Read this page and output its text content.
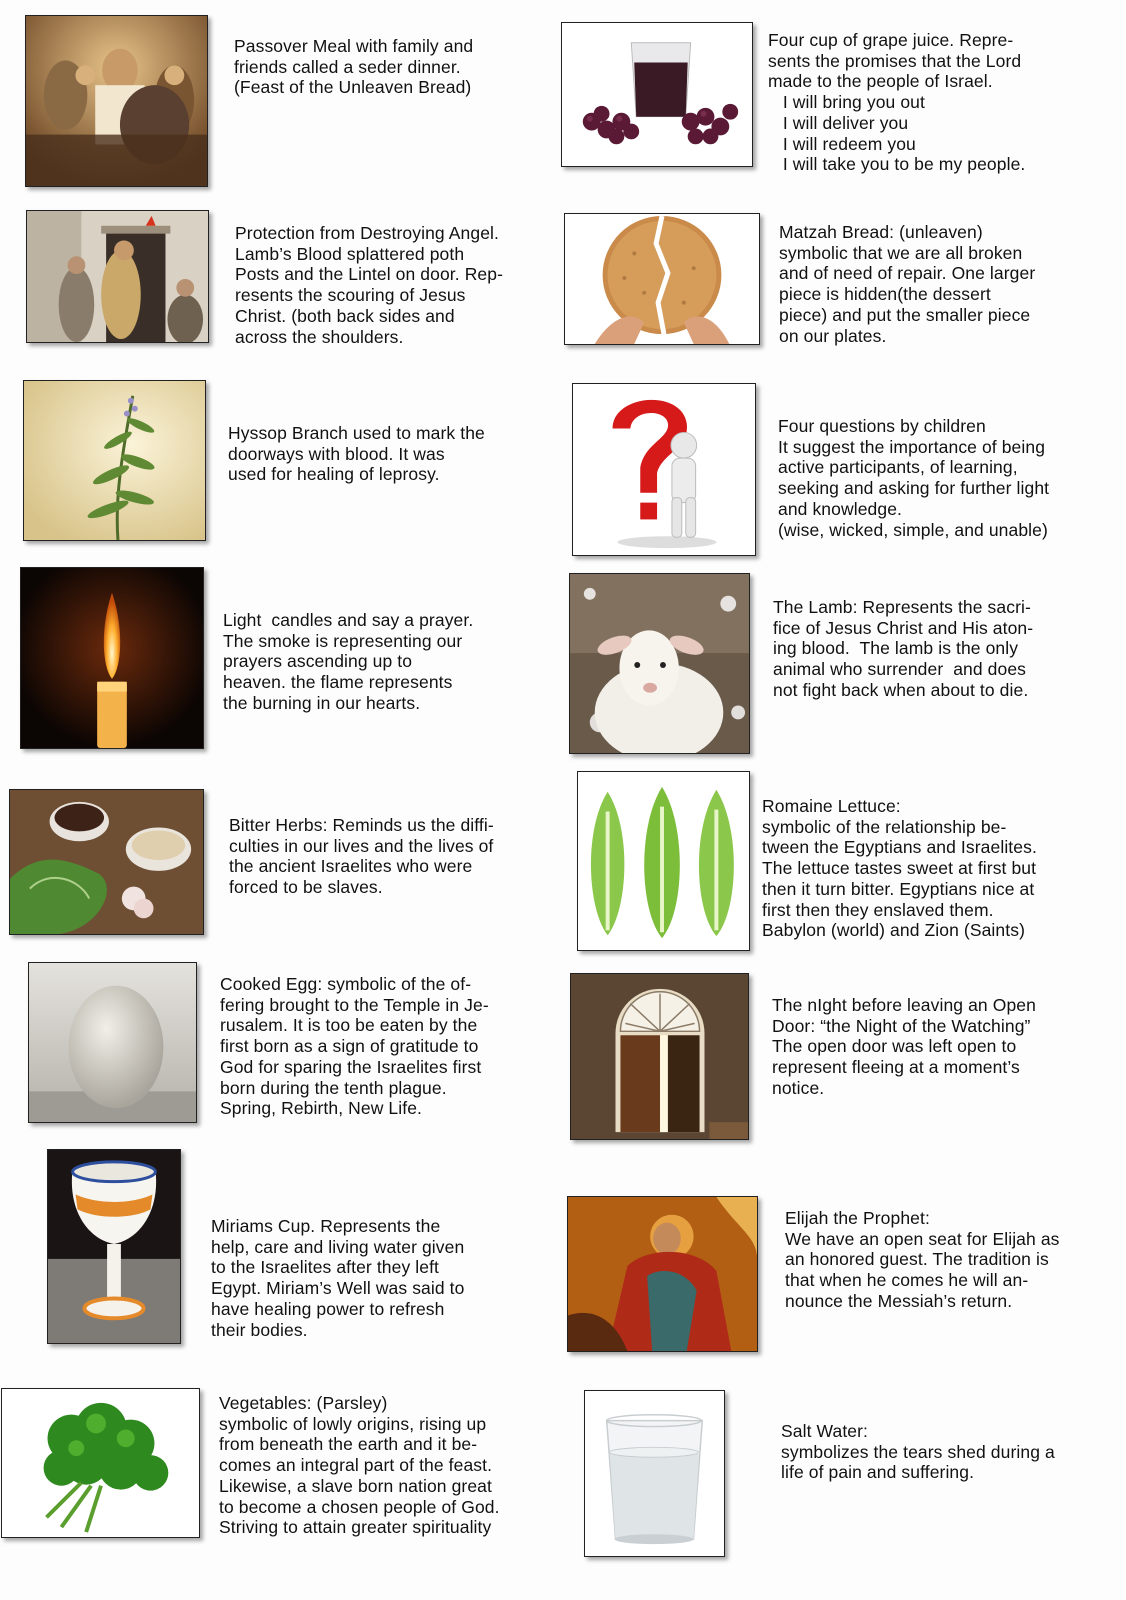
Passover Meal with family and

friends called a seder dinner.

(Feast of the Unleaven Bread)

Protection from Destroying Angel.

Lamb’s Blood splattered poth

Posts and the Lintel on door. Rep-

resents the scouring of Jesus

Christ. (both back sides and

across the shoulders.

Hyssop Branch used to mark the

doorways with blood. It was

used for healing of leprosy.

Light  candles and say a prayer.

The smoke is representing our

prayers ascending up to

heaven. the flame represents

the burning in our hearts.

Bitter Herbs: Reminds us the diffi-

culties in our lives and the lives of

the ancient Israelites who were

forced to be slaves.

Cooked Egg: symbolic of the of-

fering brought to the Temple in Je-

rusalem. It is too be eaten by the

first born as a sign of gratitude to

God for sparing the Israelites first

born during the tenth plague.

Spring, Rebirth, New Life.

Miriams Cup. Represents the

help, care and living water given

to the Israelites after they left

Egypt. Miriam’s Well was said to

have healing power to refresh

their bodies.

Vegetables: (Parsley)

symbolic of lowly origins, rising up

from beneath the earth and it be-

comes an integral part of the feast.

Likewise, a slave born nation great

to become a chosen people of God.

Striving to attain greater spirituality

Four cup of grape juice. Repre-

sents the promises that the Lord

made to the people of Israel.

I will bring you out

I will deliver you

I will redeem you

I will take you to be my people.

Matzah Bread: (unleaven)

symbolic that we are all broken

and of need of repair. One larger

piece is hidden(the dessert

piece) and put the smaller piece

on our plates.

Four questions by children

It suggest the importance of being

active participants, of learning,

seeking and asking for further light

and knowledge.

(wise, wicked, simple, and unable)

The Lamb: Represents the sacri-

fice of Jesus Christ and His aton-

ing blood.  The lamb is the only

animal who surrender  and does

not fight back when about to die.

Romaine Lettuce:

symbolic of the relationship be-

tween the Egyptians and Israelites.

The lettuce tastes sweet at first but

then it turn bitter. Egyptians nice at

first then they enslaved them.

Babylon (world) and Zion (Saints)

The nIght before leaving an Open

Door: “the Night of the Watching”

The open door was left open to

represent fleeing at a moment’s

notice.

Elijah the Prophet:

We have an open seat for Elijah as

an honored guest. The tradition is

that when he comes he will an-

nounce the Messiah’s return.

Salt Water:

symbolizes the tears shed during a

life of pain and suffering.
